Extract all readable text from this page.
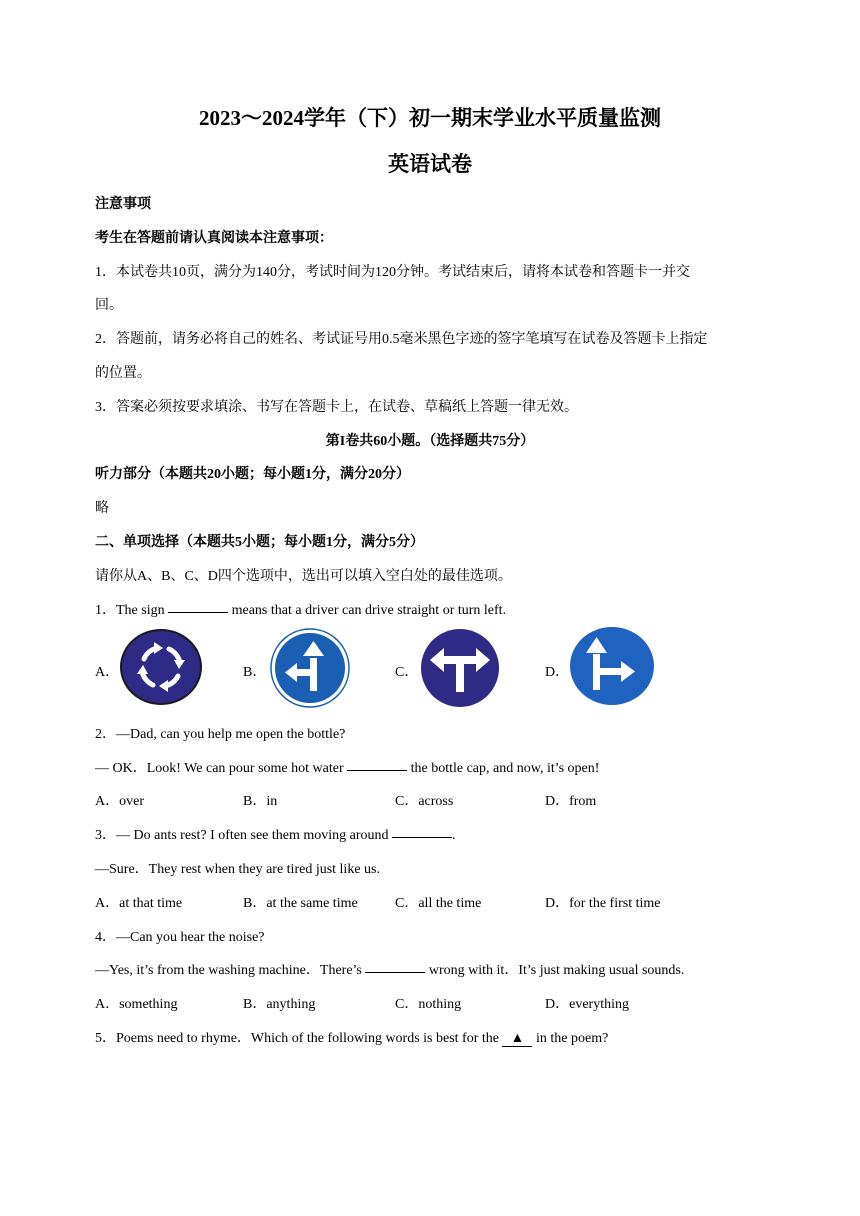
2023～2024学年（下）初一期末学业水平质量监测
英语试卷
注意事项
考生在答题前请认真阅读本注意事项：
1．本试卷共10页，满分为140分，考试时间为120分钟。考试结束后，请将本试卷和答题卡一并交
回。
2．答题前，请务必将自己的姓名、考试证号用0.5毫米黑色字迹的签字笔填写在试卷及答题卡上指定
的位置。
3．答案必须按要求填涂、书写在答题卡上，在试卷、草稿纸上答题一律无效。
第I卷共60小题。（选择题共75分）
听力部分（本题共20小题；每小题1分，满分20分）
略
二、单项选择（本题共5小题；每小题1分，满分5分）
请你从A、B、C、D四个选项中，选出可以填入空白处的最佳选项。
1．The sign	means that a driver can drive straight or turn left.
A．	B．	C．	D．
2．—Dad, can you help me open the bottle?
— OK．Look! We can pour some hot water	the bottle cap, and now, it’s open!
A．over	B．in	C．across	D．from
3．— Do ants rest? I often see them moving around	.
—Sure．They rest when they are tired just like us.
A．at that time	B．at the same time	C．all the time	D．for the first time
4．—Can you hear the noise?
—Yes, it’s from the washing machine．There’s	wrong with it．It’s just making usual sounds.
A．something	B．anything	C．nothing	D．everything
5．Poems need to rhyme．Which of the following words is best for the ▲ in the poem?
